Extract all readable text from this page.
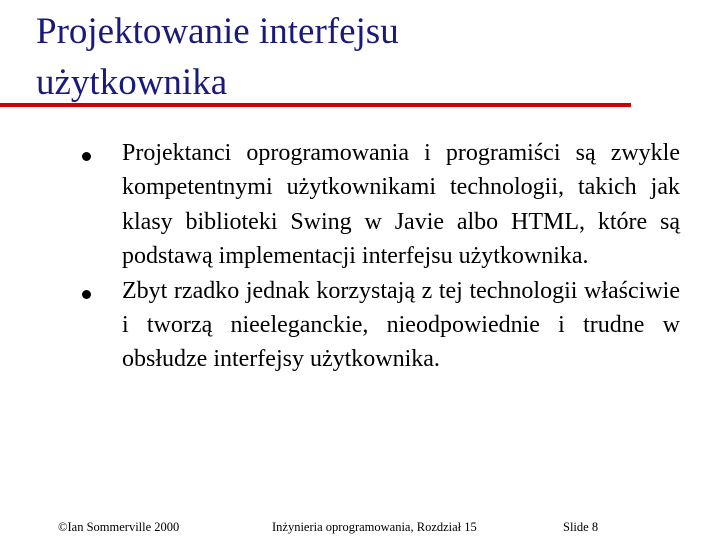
Projektowanie interfejsu
użytkownika
Projektanci oprogramowania i programiści są zwykle kompetentnymi użytkownikami technologii, takich jak klasy biblioteki Swing w Javie albo HTML, które są podstawą implementacji interfejsu użytkownika.
Zbyt rzadko jednak korzystają z tej technologii właściwie i tworzą nieeleganckie, nieodpowiednie i trudne w obsłudze interfejsy użytkownika.
©Ian Sommerville 2000	Inżynieria oprogramowania, Rozdział 15	Slide 8
